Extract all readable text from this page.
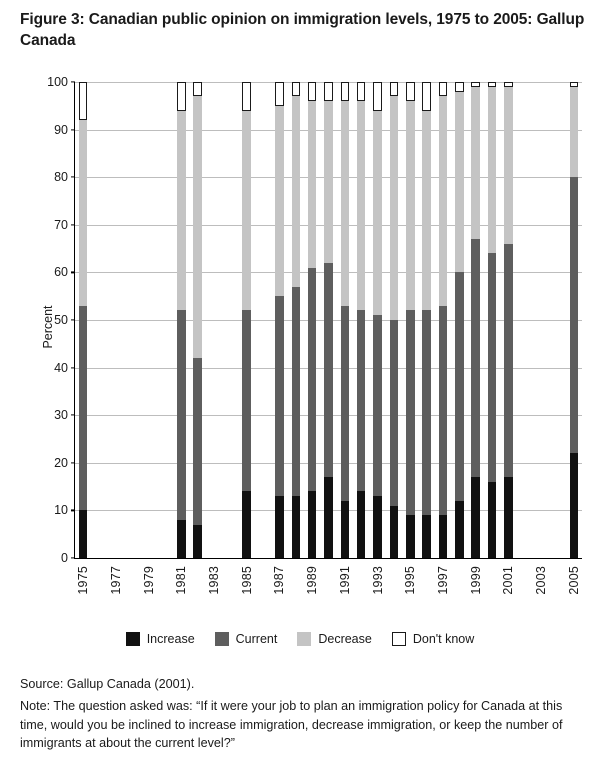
Figure 3: Canadian public opinion on immigration levels, 1975 to 2005: Gallup Canada
Percent
0
10
20
30
40
50
60
70
80
90
100
1975 1977 1979 1981 1983 1985 1987 1989 1991 1993 1995 1997 1999 2001 2003 2005
Increase	Current	Decrease	Don't know

Source: Gallup Canada (2001).

Note: The question asked was: “If it were your job to plan an immigration policy for Canada at this time, would you be inclined to increase immigration, decrease immigration, or keep the number of immigrants at about the current level?”
